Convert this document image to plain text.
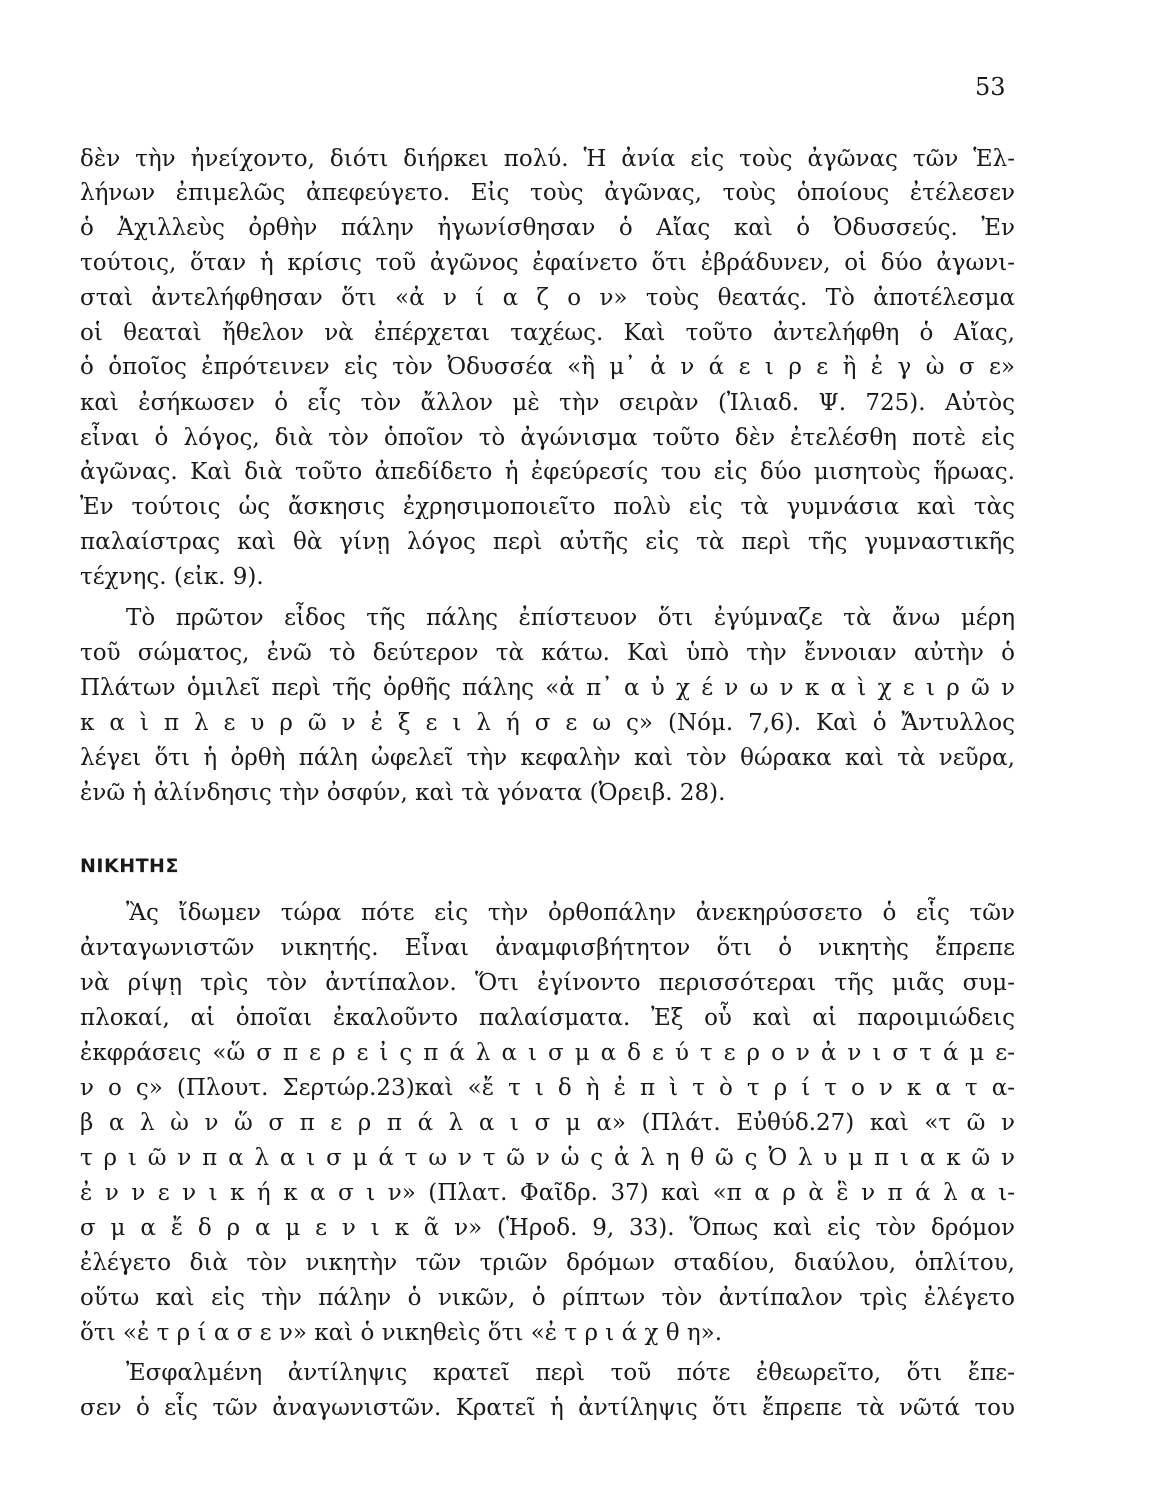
53
δὲν τὴν ἠνείχοντο, διότι διήρκει πολύ. Ἡ ἀνία εἰς τοὺς ἀγῶνας τῶν Ἑλ-
λήνων ἐπιμελῶς ἀπεφεύγετο. Εἰς τοὺς ἀγῶνας, τοὺς ὁποίους ἐτέλεσεν
ὁ Ἀχιλλεὺς ὀρθὴν πάλην ἠγωνίσθησαν ὁ Αἴας καὶ ὁ Ὀδυσσεύς. Ἐν
τούτοις, ὅταν ἡ κρίσις τοῦ ἀγῶνος ἐφαίνετο ὅτι ἐβράδυνεν, οἱ δύο ἀγωνι-
σταὶ ἀντελήφθησαν ὅτι «ἀ ν ί α ζ ο ν» τοὺς θεατάς. Τὸ ἀποτέλεσμα
οἱ θεαταὶ ἤθελον νὰ ἐπέρχεται ταχέως. Καὶ τοῦτο ἀντελήφθη ὁ Αἴας,
ὁ ὁποῖος ἐπρότεινεν εἰς τὸν Ὀδυσσέα «ἢ μ᾿ ἀ ν ά ε ι ρ ε ἢ ἐ γ ὼ σ ε»
καὶ ἐσήκωσεν ὁ εἷς τὸν ἄλλον μὲ τὴν σειρὰν (Ἰλιαδ. Ψ. 725). Αὐτὸς
εἶναι ὁ λόγος, διὰ τὸν ὁποῖον τὸ ἀγώνισμα τοῦτο δὲν ἐτελέσθη ποτὲ εἰς
ἀγῶνας. Καὶ διὰ τοῦτο ἀπεδίδετο ἡ ἐφεύρεσίς του εἰς δύο μισητοὺς ἥρωας.
Ἐν τούτοις ὡς ἄσκησις ἐχρησιμοποιεῖτο πολὺ εἰς τὰ γυμνάσια καὶ τὰς
παλαίστρας καὶ θὰ γίνῃ λόγος περὶ αὐτῆς εἰς τὰ περὶ τῆς γυμναστικῆς
τέχνης. (εἰκ. 9).
Τὸ πρῶτον εἶδος τῆς πάλης ἐπίστευον ὅτι ἐγύμναζε τὰ ἄνω μέρη
τοῦ σώματος, ἐνῶ τὸ δεύτερον τὰ κάτω. Καὶ ὑπὸ τὴν ἔννοιαν αὐτὴν ὁ
Πλάτων ὁμιλεῖ περὶ τῆς ὀρθῆς πάλης «ἀ π᾿ α ὐ χ έ ν ω ν κ α ὶ χ ε ι ρ ῶ ν
κ α ὶ π λ ε υ ρ ῶ ν ἐ ξ ε ι λ ή σ ε ω ς» (Νόμ. 7,6). Καὶ ὁ Ἄντυλλος
λέγει ὅτι ἡ ὀρθὴ πάλη ὠφελεῖ τὴν κεφαλὴν καὶ τὸν θώρακα καὶ τὰ νεῦρα,
ἐνῶ ἡ ἀλίνδησις τὴν ὀσφύν, καὶ τὰ γόνατα (Ὀρειβ. 28).
ΝΙΚΗΤΗΣ
Ἂς ἴδωμεν τώρα πότε εἰς τὴν ὀρθοπάλην ἀνεκηρύσσετο ὁ εἷς τῶν
ἀνταγωνιστῶν νικητής. Εἶναι ἀναμφισβήτητον ὅτι ὁ νικητὴς ἔπρεπε
νὰ ρίψῃ τρὶς τὸν ἀντίπαλον. Ὅτι ἐγίνοντο περισσότεραι τῆς μιᾶς συμ-
πλοκαί, αἱ ὁποῖαι ἐκαλοῦντο παλαίσματα. Ἐξ οὗ καὶ αἱ παροιμιώδεις
ἐκφράσεις «ὥ σ π ε ρ ε ἰ ς π ά λ α ι σ μ α δ ε ύ τ ε ρ ο ν ἀ ν ι σ τ ά μ ε-
ν ο ς» (Πλουτ. Σερτώρ.23)καὶ «ἔ τ ι δ ὴ ἐ π ὶ τ ὸ τ ρ ί τ ο ν κ α τ α-
β α λ ὼ ν ὥ σ π ε ρ π ά λ α ι σ μ α» (Πλάτ. Εὐθύδ.27) καὶ «τ ῶ ν
τ ρ ι ῶ ν π α λ α ι σ μ ά τ ω ν τ ῶ ν ὡ ς ἀ λ η θ ῶ ς Ὀ λ υ μ π ι α κ ῶ ν
ἐ ν ν ε ν ι κ ή κ α σ ι ν» (Πλατ. Φαῖδρ. 37) καὶ «π α ρ ὰ ἓ ν π ά λ α ι-
σ μ α ἔ δ ρ α μ ε ν ι κ ᾶ ν» (Ἡροδ. 9, 33). Ὅπως καὶ εἰς τὸν δρόμον
ἐλέγετο διὰ τὸν νικητὴν τῶν τριῶν δρόμων σταδίου, διαύλου, ὁπλίτου,
οὕτω καὶ εἰς τὴν πάλην ὁ νικῶν, ὁ ρίπτων τὸν ἀντίπαλον τρὶς ἐλέγετο
ὅτι «ἐ τ ρ ί α σ ε ν» καὶ ὁ νικηθεὶς ὅτι «ἐ τ ρ ι ά χ θ η».
Ἐσφαλμένη ἀντίληψις κρατεῖ περὶ τοῦ πότε ἐθεωρεῖτο, ὅτι ἔπε-
σεν ὁ εἷς τῶν ἀναγωνιστῶν. Κρατεῖ ἡ ἀντίληψις ὅτι ἔπρεπε τὰ νῶτά του
